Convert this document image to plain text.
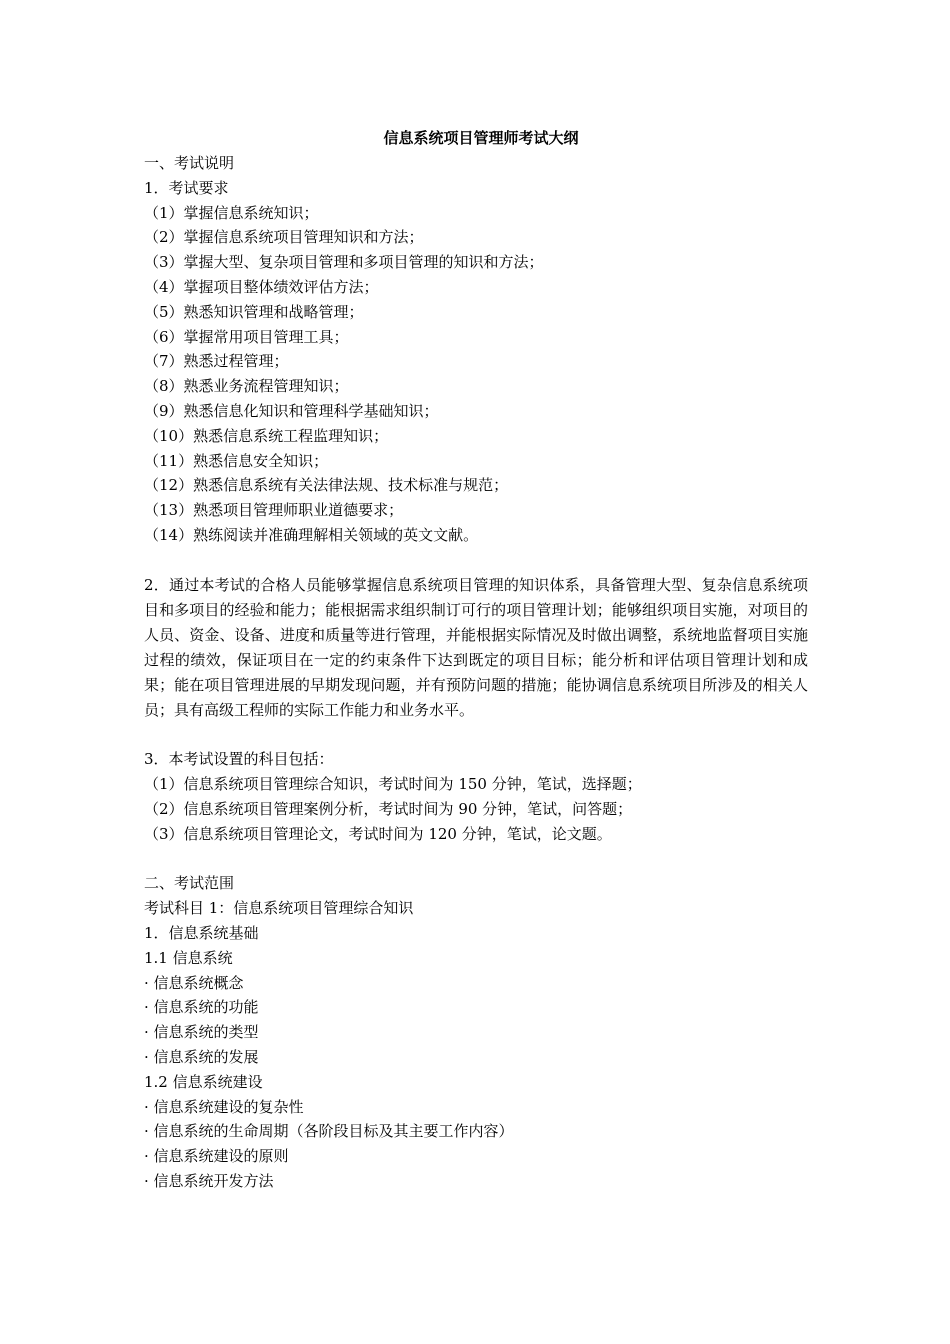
信息系统项目管理师考试大纲

一、考试说明

1．考试要求

（1）掌握信息系统知识；

（2）掌握信息系统项目管理知识和方法；

（3）掌握大型、复杂项目管理和多项目管理的知识和方法；

（4）掌握项目整体绩效评估方法；

（5）熟悉知识管理和战略管理；

（6）掌握常用项目管理工具；

（7）熟悉过程管理；

（8）熟悉业务流程管理知识；

（9）熟悉信息化知识和管理科学基础知识；

（10）熟悉信息系统工程监理知识；

（11）熟悉信息安全知识；

（12）熟悉信息系统有关法律法规、技术标准与规范；

（13）熟悉项目管理师职业道德要求；

（14）熟练阅读并准确理解相关领域的英文文献。

2．通过本考试的合格人员能够掌握信息系统项目管理的知识体系，具备管理大型、复杂信息系统项目和多项目的经验和能力；能根据需求组织制订可行的项目管理计划；能够组织项目实施，对项目的人员、资金、设备、进度和质量等进行管理，并能根据实际情况及时做出调整，系统地监督项目实施过程的绩效，保证项目在一定的约束条件下达到既定的项目目标；能分析和评估项目管理计划和成果；能在项目管理进展的早期发现问题，并有预防问题的措施；能协调信息系统项目所涉及的相关人员；具有高级工程师的实际工作能力和业务水平。

3．本考试设置的科目包括：

（1）信息系统项目管理综合知识，考试时间为 150 分钟，笔试，选择题；

（2）信息系统项目管理案例分析，考试时间为 90 分钟，笔试，问答题；

（3）信息系统项目管理论文，考试时间为 120 分钟，笔试，论文题。

二、考试范围

考试科目 1：信息系统项目管理综合知识

1．信息系统基础

1.1 信息系统

· 信息系统概念

· 信息系统的功能

· 信息系统的类型

· 信息系统的发展

1.2 信息系统建设

· 信息系统建设的复杂性

· 信息系统的生命周期（各阶段目标及其主要工作内容）

· 信息系统建设的原则

· 信息系统开发方法
